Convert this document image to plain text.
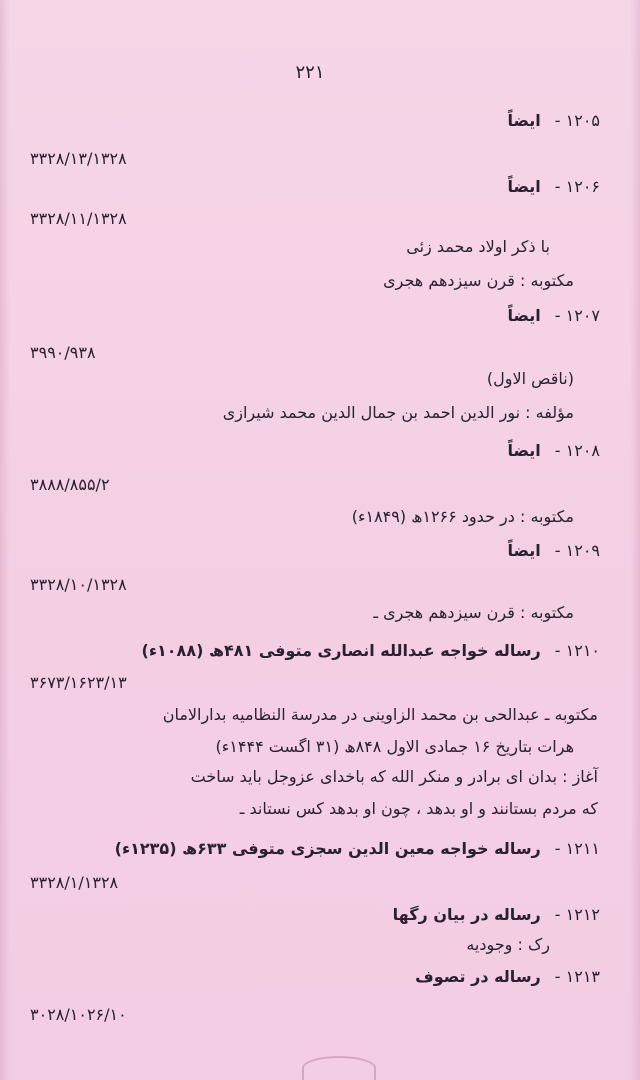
۲۲۱
۱۲۰۵ -ایضاً
۳۳۲۸/۱۳/۱۳۲۸
۱۲۰۶ -ایضاً
۳۳۲۸/۱۱/۱۳۲۸
با ذکر اولاد محمد زئی
مکتوبه : قرن سیزدهم هجری
۱۲۰۷ -ایضاً
۳۹۹۰/۹۳۸
(ناقص الاول)
مؤلفه : نور الدین احمد بن جمال الدین محمد شیرازی
۱۲۰۸ -ایضاً
۳۸۸۸/۸۵۵/۲
مکتوبه : در حدود ۱۲۶۶ھ (۱۸۴۹ء)
۱۲۰۹ -ایضاً
۳۳۲۸/۱۰/۱۳۲۸
مکتوبه : قرن سیزدهم هجری ـ
۱۲۱۰ -رساله خواجه عبدالله انصاری متوفی ۴۸۱ھ (۱۰۸۸ء)
۳۶۷۳/۱۶۲۳/۱۳
مکتوبه ـ عبدالحی بن محمد الزاوینی در مدرسة النظامیه بدارالامان
هرات بتاریخ ۱۶ جمادی الاول ۸۴۸ھ (۳۱ اگست ۱۴۴۴ء)
آغاز : بدان ای برادر و منکر الله که باخدای عزوجل باید ساخت
که مردم بستانند و او بدهد ، چون او بدهد کس نستاند ـ
۱۲۱۱ -رساله خواجه معین الدین سجزی متوفی ۶۳۳ھ (۱۲۳۵ء)
۳۳۲۸/۱/۱۳۲۸
۱۲۱۲ -رساله در بیان رگها
رک : وجودیه
۱۲۱۳ -رساله در تصوف
۳۰۲۸/۱۰۲۶/۱۰
